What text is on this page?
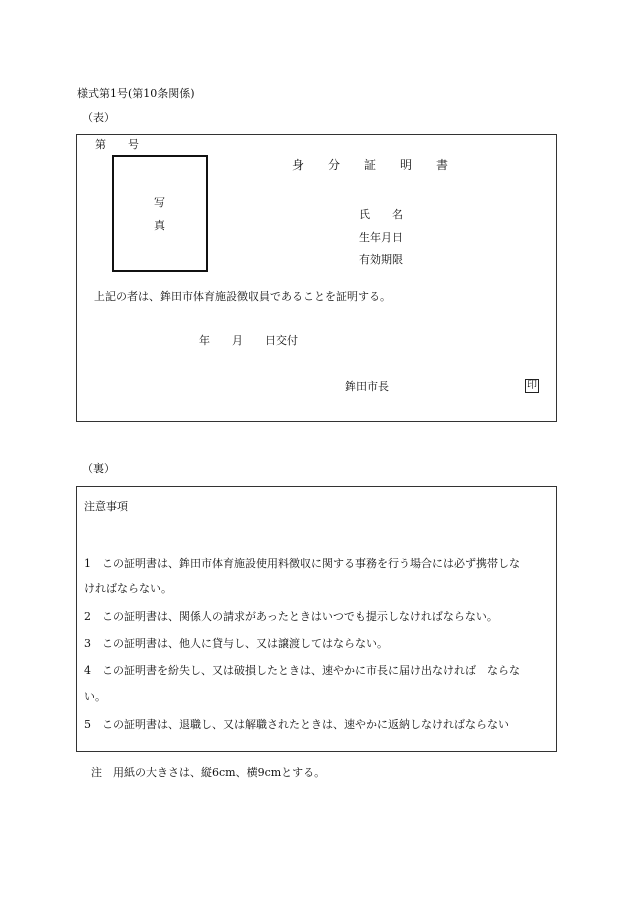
様式第1号(第10条関係)
（表）
第　　号
写
真
身　　分　　証　　明　　書
氏　　名
生年月日
有効期限
上記の者は、鉾田市体育施設徴収員であることを証明する。
年　　月　　日交付
鉾田市長	印
（裏）
注意事項
1　この証明書は、鉾田市体育施設使用料徴収に関する事務を行う場合には必ず携帯しな
ければならない。
2　この証明書は、関係人の請求があったときはいつでも提示しなければならない。
3　この証明書は、他人に貸与し、又は譲渡してはならない。
4　この証明書を紛失し、又は破損したときは、速やかに市長に届け出なければ　ならな
い。
5　この証明書は、退職し、又は解職されたときは、速やかに返納しなければならない
注　用紙の大きさは、縦6cm、横9cmとする。
